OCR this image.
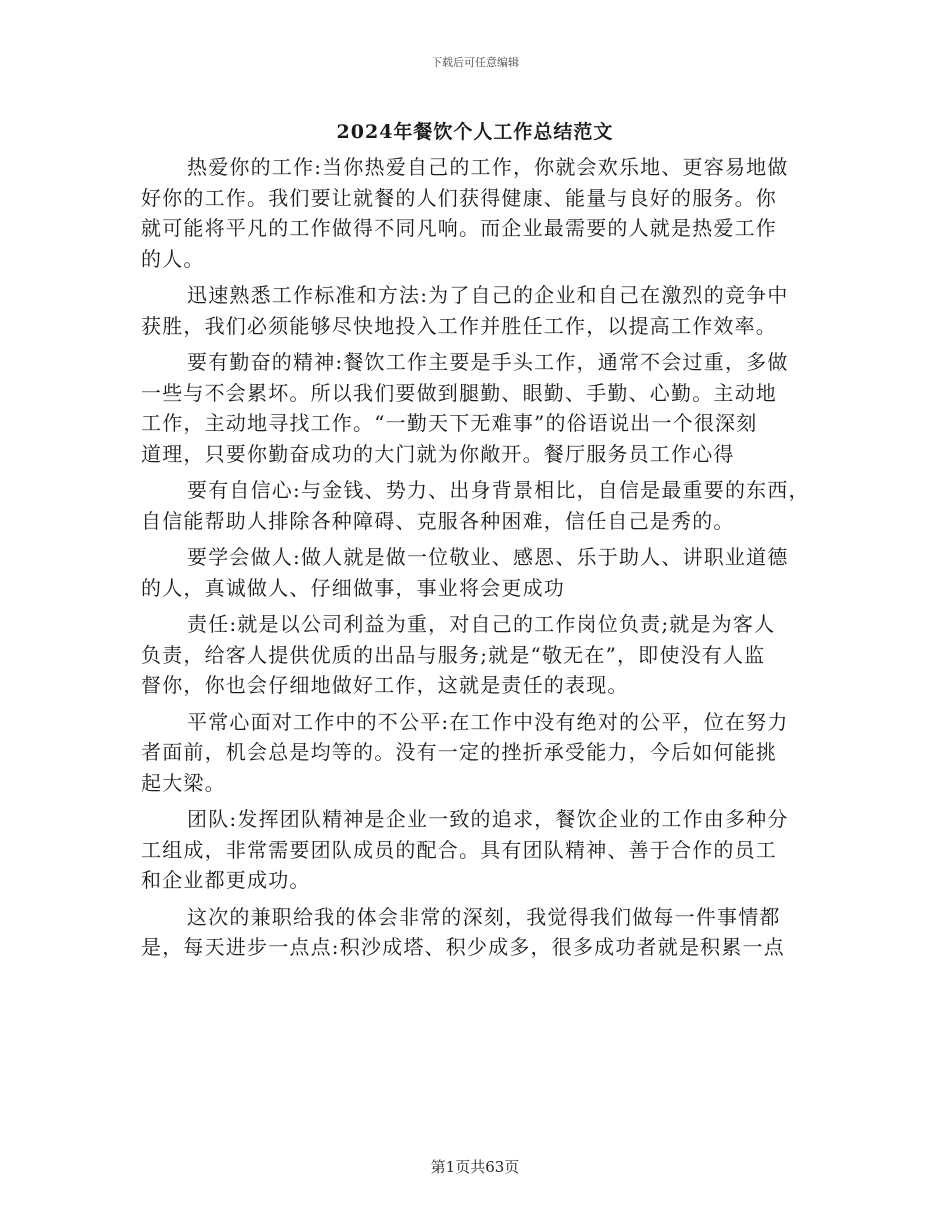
下载后可任意编辑
2024年餐饮个人工作总结范文
热爱你的工作:当你热爱自己的工作，你就会欢乐地、更容易地做
好你的工作。我们要让就餐的人们获得健康、能量与良好的服务。你
就可能将平凡的工作做得不同凡响。而企业最需要的人就是热爱工作
的人。
迅速熟悉工作标准和方法:为了自己的企业和自己在激烈的竞争中
获胜，我们必须能够尽快地投入工作并胜任工作，以提高工作效率。
要有勤奋的精神:餐饮工作主要是手头工作，通常不会过重，多做
一些与不会累坏。所以我们要做到腿勤、眼勤、手勤、心勤。主动地
工作，主动地寻找工作。“一勤天下无难事”的俗语说出一个很深刻
道理，只要你勤奋成功的大门就为你敞开。餐厅服务员工作心得
要有自信心:与金钱、势力、出身背景相比，自信是最重要的东西，
自信能帮助人排除各种障碍、克服各种困难，信任自己是秀的。
要学会做人:做人就是做一位敬业、感恩、乐于助人、讲职业道德
的人，真诚做人、仔细做事，事业将会更成功
责任:就是以公司利益为重，对自己的工作岗位负责;就是为客人
负责，给客人提供优质的出品与服务;就是“敬无在”，即使没有人监
督你，你也会仔细地做好工作，这就是责任的表现。
平常心面对工作中的不公平:在工作中没有绝对的公平，位在努力
者面前，机会总是均等的。没有一定的挫折承受能力，今后如何能挑
起大梁。
团队:发挥团队精神是企业一致的追求，餐饮企业的工作由多种分
工组成，非常需要团队成员的配合。具有团队精神、善于合作的员工
和企业都更成功。
这次的兼职给我的体会非常的深刻，我觉得我们做每一件事情都
是，每天进步一点点:积沙成塔、积少成多，很多成功者就是积累一点
第1页共63页
